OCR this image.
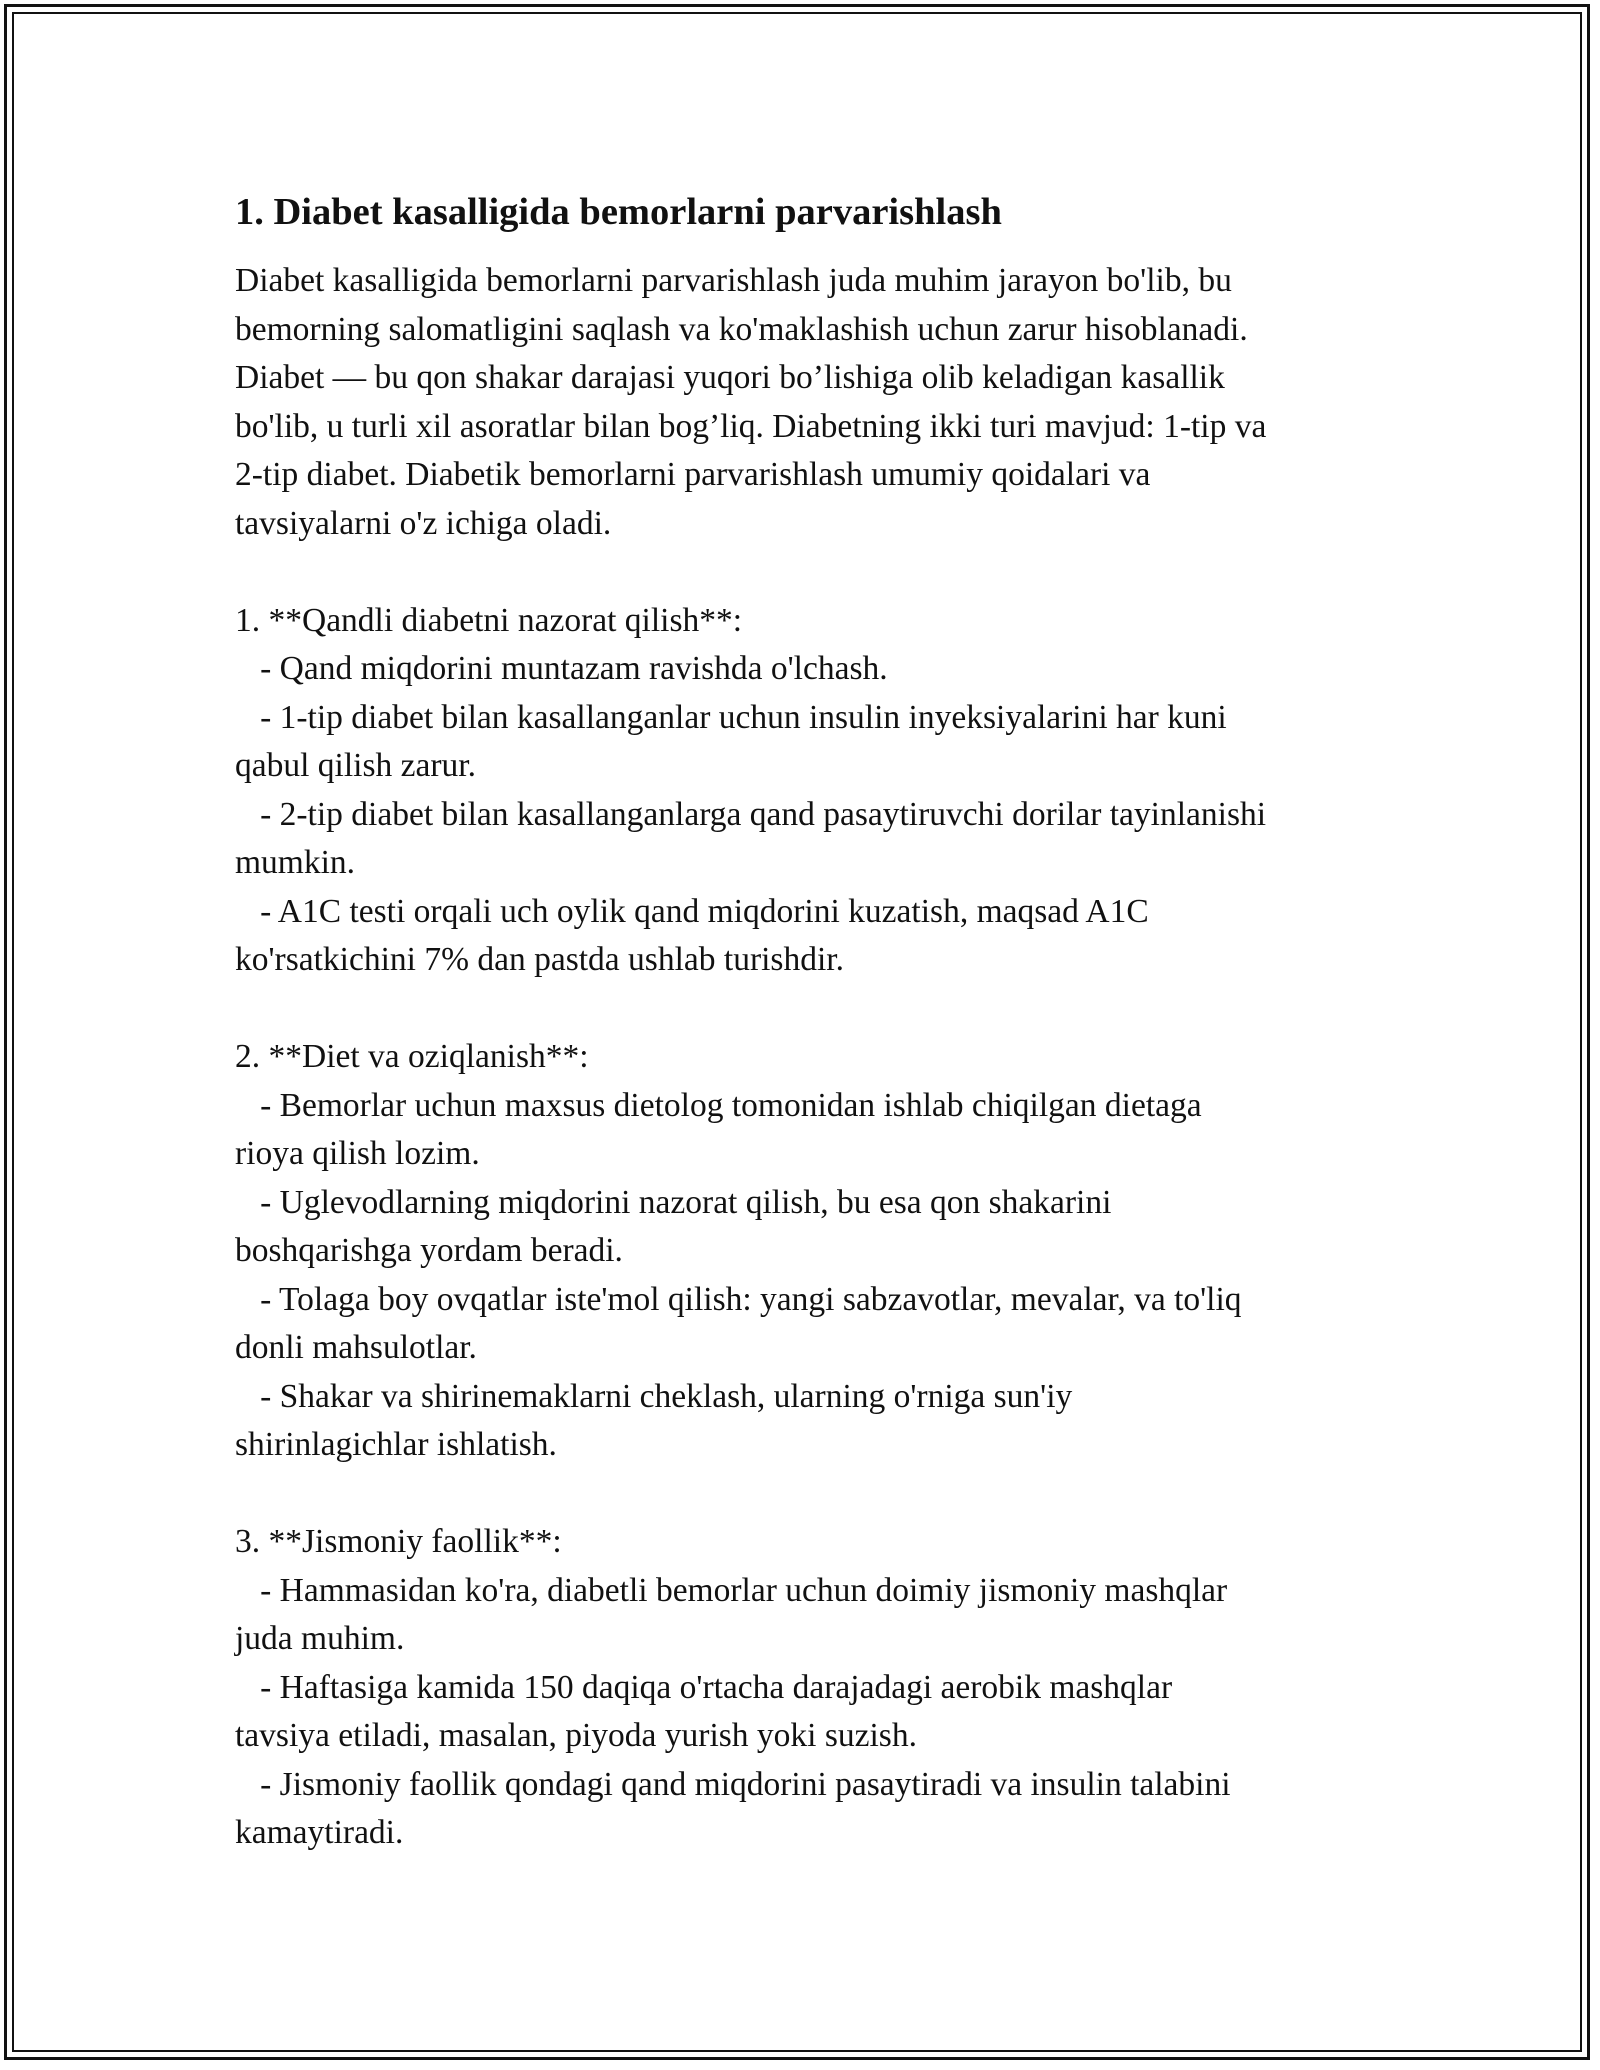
1. Diabet kasalligida bemorlarni parvarishlash
Diabet kasalligida bemorlarni parvarishlash juda muhim jarayon bo'lib, bu
bemorning salomatligini saqlash va ko'maklashish uchun zarur hisoblanadi.
Diabet — bu qon shakar darajasi yuqori bo’lishiga olib keladigan kasallik
bo'lib, u turli xil asoratlar bilan bog’liq. Diabetning ikki turi mavjud: 1-tip va
2-tip diabet. Diabetik bemorlarni parvarishlash umumiy qoidalari va
tavsiyalarni o'z ichiga oladi.
1. **Qandli diabetni nazorat qilish**:
- Qand miqdorini muntazam ravishda o'lchash.
- 1-tip diabet bilan kasallanganlar uchun insulin inyeksiyalarini har kuni
qabul qilish zarur.
- 2-tip diabet bilan kasallanganlarga qand pasaytiruvchi dorilar tayinlanishi
mumkin.
- A1C testi orqali uch oylik qand miqdorini kuzatish, maqsad A1C
ko'rsatkichini 7% dan pastda ushlab turishdir.
2. **Diet va oziqlanish**:
- Bemorlar uchun maxsus dietolog tomonidan ishlab chiqilgan dietaga
rioya qilish lozim.
- Uglevodlarning miqdorini nazorat qilish, bu esa qon shakarini
boshqarishga yordam beradi.
- Tolaga boy ovqatlar iste'mol qilish: yangi sabzavotlar, mevalar, va to'liq
donli mahsulotlar.
- Shakar va shirinemaklarni cheklash, ularning o'rniga sun'iy
shirinlagichlar ishlatish.
3. **Jismoniy faollik**:
- Hammasidan ko'ra, diabetli bemorlar uchun doimiy jismoniy mashqlar
juda muhim.
- Haftasiga kamida 150 daqiqa o'rtacha darajadagi aerobik mashqlar
tavsiya etiladi, masalan, piyoda yurish yoki suzish.
- Jismoniy faollik qondagi qand miqdorini pasaytiradi va insulin talabini
kamaytiradi.
